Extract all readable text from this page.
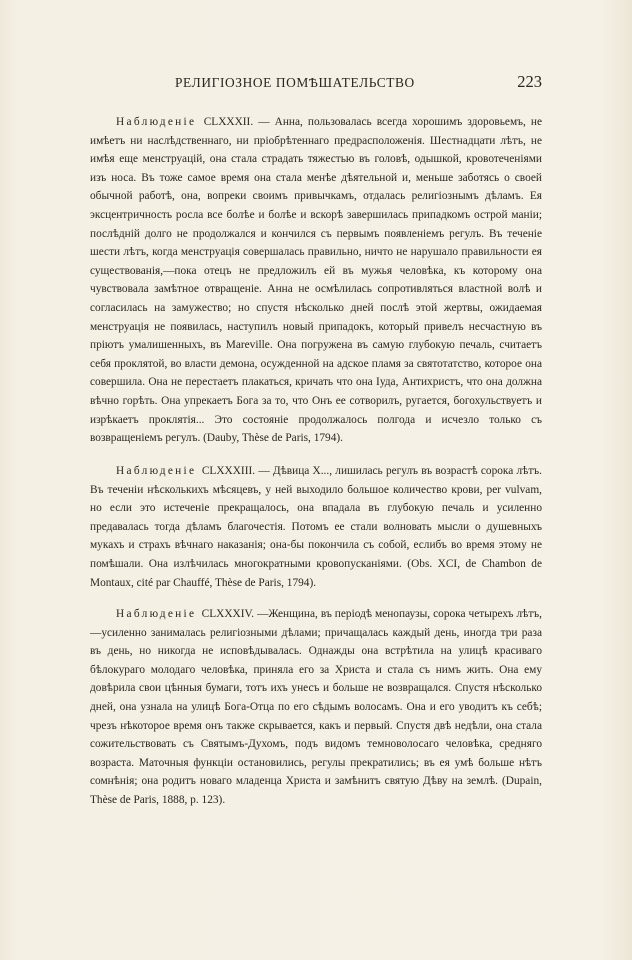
РЕЛИГІОЗНОЕ ПОМѢШАТЕЛЬСТВО	223

Наблюденіе CLXXXII. — Анна, пользовалась всегда хорошимъ здоровьемъ, не имѣетъ ни наслѣдственнаго, ни пріобрѣтеннаго предрасположенія. Шестнадцати лѣтъ, не имѣя еще менструацій, она стала страдать тяжестью въ головѣ, одышкой, кровотеченіями изъ носа. Въ тоже самое время она стала менѣе дѣятельной и, меньше заботясь о своей обычной работѣ, она, вопреки своимъ привычкамъ, отдалась религіознымъ дѣламъ. Ея эксцентричность росла все болѣе и болѣе и вскорѣ завершилась припадкомъ острой маніи; послѣдній долго не продолжался и кончился съ первымъ появленіемъ регулъ. Въ теченіе шести лѣтъ, когда менструація совершалась правильно, ничто не нарушало правильности ея существованія,—пока отецъ не предложилъ ей въ мужья человѣка, къ которому она чувствовала замѣтное отвращеніе. Анна не осмѣлилась сопротивляться властной волѣ и согласилась на замужество; но спустя нѣсколько дней послѣ этой жертвы, ожидаемая менструація не появилась, наступилъ новый припадокъ, который привелъ несчастную въ пріютъ умалишенныхъ, въ Mareville. Она погружена въ самую глубокую печаль, считаетъ себя проклятой, во власти демона, осужденной на адское пламя за святотатство, которое она совершила. Она не перестаетъ плакаться, кричать что она Іуда, Антихристъ, что она должна вѣчно горѣть. Она упрекаетъ Бога за то, что Онъ ее сотворилъ, ругается, богохульствуетъ и изрѣкаетъ проклятія... Это состояніе продолжалось полгода и исчезло только съ возвращеніемъ регулъ. (Dauby, Thèse de Paris, 1794).

Наблюденіе CLXXXIII. — Дѣвица X..., лишилась регулъ въ возрастѣ сорока лѣтъ. Въ теченіи нѣсколькихъ мѣсяцевъ, у ней выходило большое количество крови, per vulvam, но если это истеченіе прекращалось, она впадала въ глубокую печаль и усиленно предавалась тогда дѣламъ благочестія. Потомъ ее стали волновать мысли о душевныхъ мукахъ и страхъ вѣчнаго наказанія; она-бы покончила съ собой, еслибъ во время этому не помѣшали. Она излѣчилась многократными кровопусканіями. (Obs. XCI, de Chambon de Montaux, cité par Chauffé, Thèse de Paris, 1794).

Наблюденіе CLXXXIV. —Женщина, въ періодѣ менопаузы, сорока четырехъ лѣтъ,—усиленно занималась религіозными дѣлами; причащалась каждый день, иногда три раза въ день, но никогда не исповѣдывалась. Однажды она встрѣтила на улицѣ красиваго бѣлокураго молодаго человѣка, приняла его за Христа и стала съ нимъ жить. Она ему довѣрила свои цѣнныя бумаги, тотъ ихъ унесъ и больше не возвращался. Спустя нѣсколько дней, она узнала на улицѣ Бога-Отца по его сѣдымъ волосамъ. Она и его уводитъ къ себѣ; чрезъ нѣкоторое время онъ также скрывается, какъ и первый. Спустя двѣ недѣли, она стала сожительствовать съ Святымъ-Духомъ, подъ видомъ темноволосаго человѣка, средняго возраста. Маточныя функціи остановились, регулы прекратились; въ ея умѣ больше нѣтъ сомнѣнія; она родитъ новаго младенца Христа и замѣнитъ святую Дѣву на землѣ. (Dupain, Thèse de Paris, 1888, p. 123).
